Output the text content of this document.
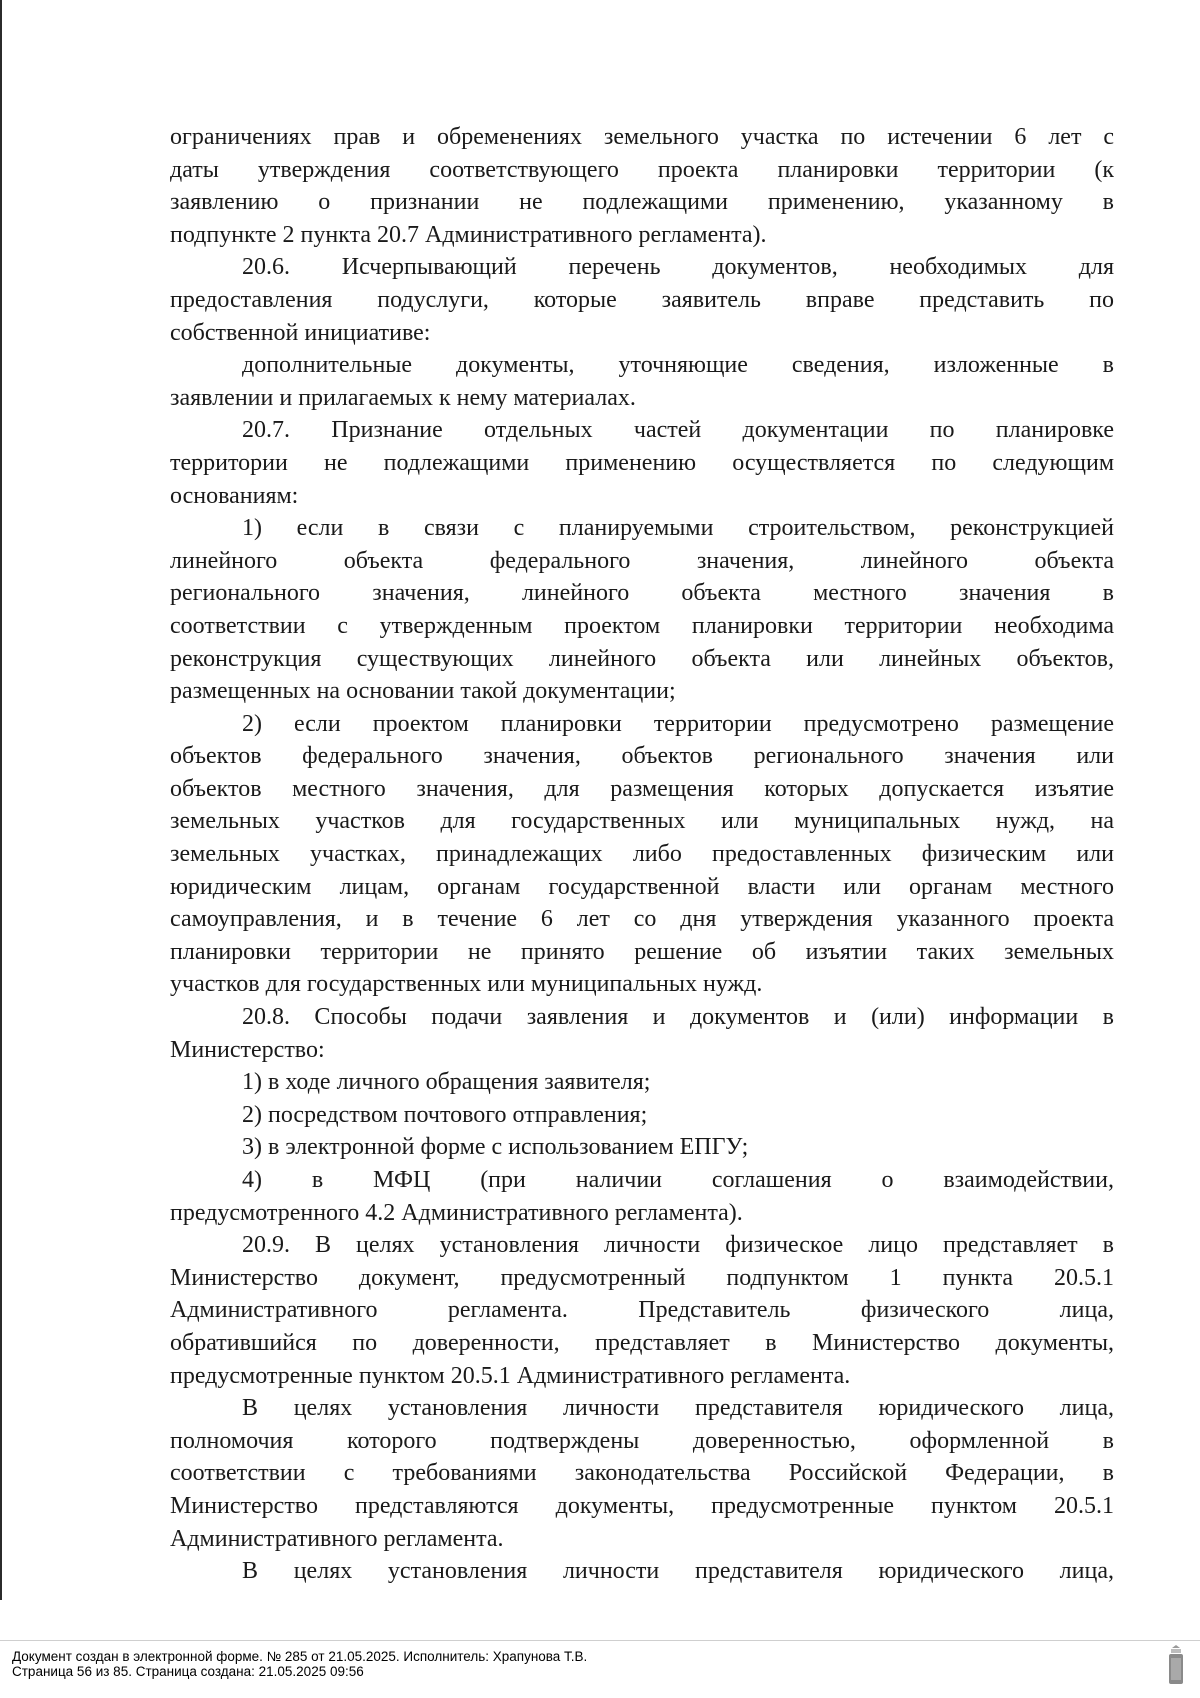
ограничениях прав и обременениях земельного участка по истечении 6 лет с
даты утверждения соответствующего проекта планировки территории (к
заявлению о признании не подлежащими применению, указанному в
подпункте 2 пункта 20.7 Административного регламента).
20.6. Исчерпывающий перечень документов, необходимых для
предоставления подуслуги, которые заявитель вправе представить по
собственной инициативе:
дополнительные документы, уточняющие сведения, изложенные в
заявлении и прилагаемых к нему материалах.
20.7. Признание отдельных частей документации по планировке
территории не подлежащими применению осуществляется по следующим
основаниям:
1) если в связи с планируемыми строительством, реконструкцией
линейного объекта федерального значения, линейного объекта
регионального значения, линейного объекта местного значения в
соответствии с утвержденным проектом планировки территории необходима
реконструкция существующих линейного объекта или линейных объектов,
размещенных на основании такой документации;
2) если проектом планировки территории предусмотрено размещение
объектов федерального значения, объектов регионального значения или
объектов местного значения, для размещения которых допускается изъятие
земельных участков для государственных или муниципальных нужд, на
земельных участках, принадлежащих либо предоставленных физическим или
юридическим лицам, органам государственной власти или органам местного
самоуправления, и в течение 6 лет со дня утверждения указанного проекта
планировки территории не принято решение об изъятии таких земельных
участков для государственных или муниципальных нужд.
20.8. Способы подачи заявления и документов и (или) информации в
Министерство:
1) в ходе личного обращения заявителя;
2) посредством почтового отправления;
3) в электронной форме с использованием ЕПГУ;
4) в МФЦ (при наличии соглашения о взаимодействии,
предусмотренного 4.2 Административного регламента).
20.9. В целях установления личности физическое лицо представляет в
Министерство документ, предусмотренный подпунктом 1 пункта 20.5.1
Административного регламента. Представитель физического лица,
обратившийся по доверенности, представляет в Министерство документы,
предусмотренные пунктом 20.5.1 Административного регламента.
В целях установления личности представителя юридического лица,
полномочия которого подтверждены доверенностью, оформленной в
соответствии с требованиями законодательства Российской Федерации, в
Министерство представляются документы, предусмотренные пунктом 20.5.1
Административного регламента.
В целях установления личности представителя юридического лица,
Документ создан в электронной форме. № 285 от 21.05.2025. Исполнитель: Храпунова Т.В.
Страница 56 из 85. Страница создана: 21.05.2025 09:56
